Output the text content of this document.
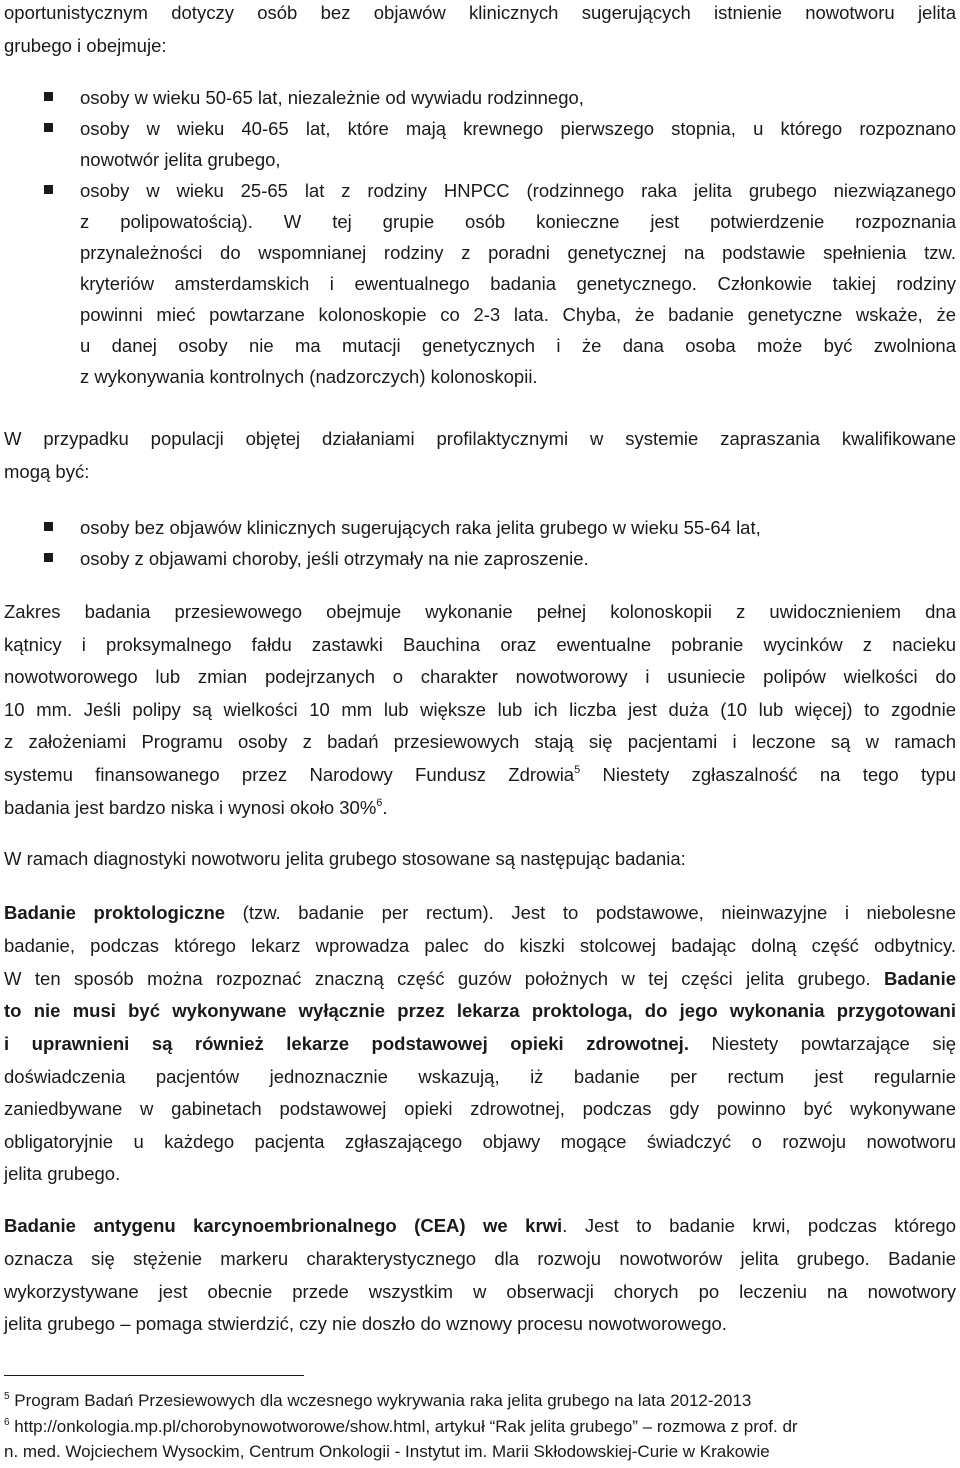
oportunistycznym dotyczy osób bez objawów klinicznych sugerujących istnienie nowotworu jelita
grubego i obejmuje:
osoby w wieku 50-65 lat, niezależnie od wywiadu rodzinnego,
osoby w wieku 40-65 lat, które mają krewnego pierwszego stopnia, u którego rozpoznano
nowotwór jelita grubego,
osoby w wieku 25-65 lat z rodziny HNPCC (rodzinnego raka jelita grubego niezwiązanego
z polipowatością). W tej grupie osób konieczne jest potwierdzenie rozpoznania
przynależności do wspomnianej rodziny z poradni genetycznej na podstawie spełnienia tzw.
kryteriów amsterdamskich i ewentualnego badania genetycznego. Członkowie takiej rodziny
powinni mieć powtarzane kolonoskopie co 2-3 lata. Chyba, że badanie genetyczne wskaże, że
u danej osoby nie ma mutacji genetycznych i że dana osoba może być zwolniona
z wykonywania kontrolnych (nadzorczych) kolonoskopii.
W przypadku populacji objętej działaniami profilaktycznymi w systemie zapraszania kwalifikowane
mogą być:
osoby bez objawów klinicznych sugerujących raka jelita grubego w wieku 55-64 lat,
osoby z objawami choroby, jeśli otrzymały na nie zaproszenie.
Zakres badania przesiewowego obejmuje wykonanie pełnej kolonoskopii z uwidocznieniem dna
kątnicy i proksymalnego fałdu zastawki Bauchina oraz ewentualne pobranie wycinków z nacieku
nowotworowego lub zmian podejrzanych o charakter nowotworowy i usuniecie polipów wielkości do
10 mm. Jeśli polipy są wielkości 10 mm lub większe lub ich liczba jest duża (10 lub więcej) to zgodnie
z założeniami Programu osoby z badań przesiewowych stają się pacjentami i leczone są w ramach
systemu finansowanego przez Narodowy Fundusz Zdrowia$^5$ Niestety zgłaszalność na tego typu
badania jest bardzo niska i wynosi około 30%$^6$.
W ramach diagnostyki nowotworu jelita grubego stosowane są następując badania:
Badanie proktologiczne (tzw. badanie per rectum). Jest to podstawowe, nieinwazyjne i niebolesne
badanie, podczas którego lekarz wprowadza palec do kiszki stolcowej badając dolną część odbytnicy.
W ten sposób można rozpoznać znaczną część guzów położnych w tej części jelita grubego. Badanie
to nie musi być wykonywane wyłącznie przez lekarza proktologa, do jego wykonania przygotowani
i uprawnieni są również lekarze podstawowej opieki zdrowotnej. Niestety powtarzające się
doświadczenia pacjentów jednoznacznie wskazują, iż badanie per rectum jest regularnie
zaniedbywane w gabinetach podstawowej opieki zdrowotnej, podczas gdy powinno być wykonywane
obligatoryjnie u każdego pacjenta zgłaszającego objawy mogące świadczyć o rozwoju nowotworu
jelita grubego.
Badanie antygenu karcynoembrionalnego (CEA) we krwi. Jest to badanie krwi, podczas którego
oznacza się stężenie markeru charakterystycznego dla rozwoju nowotworów jelita grubego. Badanie
wykorzystywane jest obecnie przede wszystkim w obserwacji chorych po leczeniu na nowotwory
jelita grubego – pomaga stwierdzić, czy nie doszło do wznowy procesu nowotworowego.
$^5$ Program Badań Przesiewowych dla wczesnego wykrywania raka jelita grubego na lata 2012-2013
$^6$ http://onkologia.mp.pl/chorobynowotworowe/show.html, artykuł “Rak jelita grubego” – rozmowa z prof. dr
n. med. Wojciechem Wysockim, Centrum Onkologii - Instytut im. Marii Skłodowskiej-Curie w Krakowie
